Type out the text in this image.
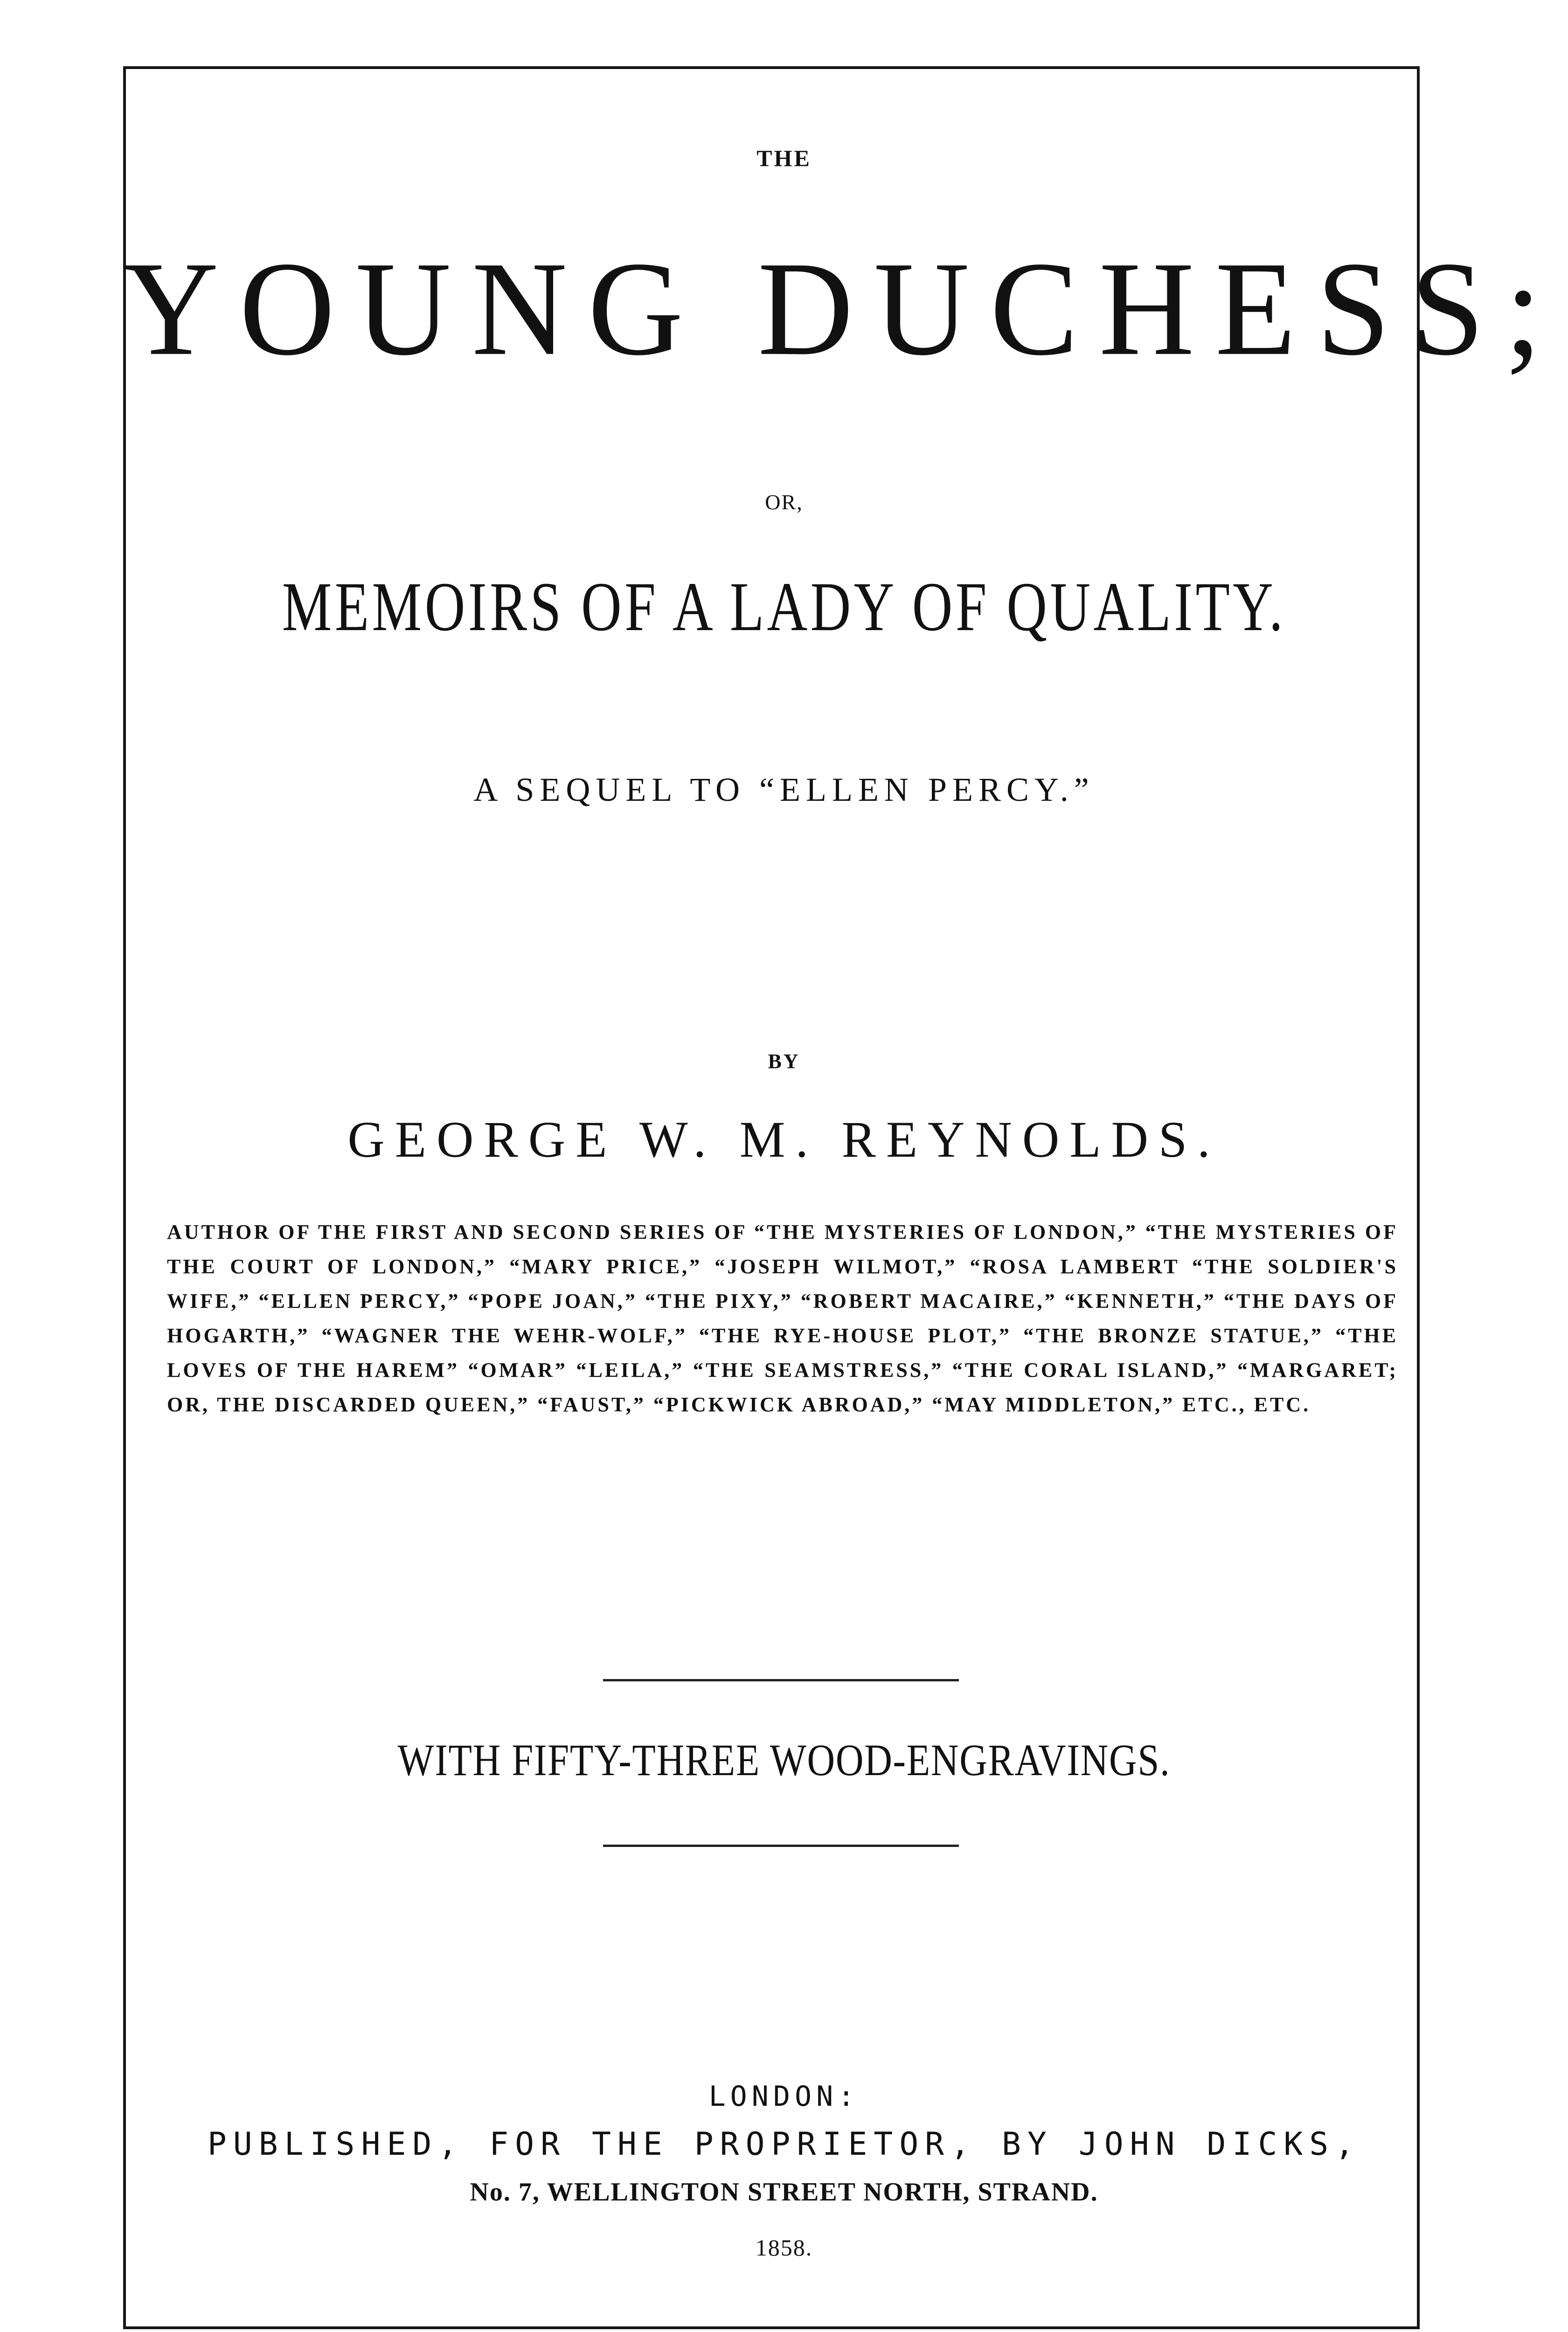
THE
YOUNG DUCHESS;
OR,
MEMOIRS OF A LADY OF QUALITY.
A SEQUEL TO “ELLEN PERCY.”
BY
GEORGE W. M. REYNOLDS.
AUTHOR OF THE FIRST AND SECOND SERIES OF “THE MYSTERIES OF LONDON,” “THE MYSTERIES OF THE COURT OF LONDON,” “MARY PRICE,” “JOSEPH WILMOT,” “ROSA LAMBERT “THE SOLDIER'S WIFE,” “ELLEN PERCY,” “POPE JOAN,” “THE PIXY,” “ROBERT MACAIRE,” “KENNETH,” “THE DAYS OF HOGARTH,” “WAGNER THE WEHR-WOLF,” “THE RYE-HOUSE PLOT,” “THE BRONZE STATUE,” “THE LOVES OF THE HAREM” “OMAR” “LEILA,” “THE SEAMSTRESS,” “THE CORAL ISLAND,” “MARGARET; OR, THE DISCARDED QUEEN,” “FAUST,” “PICKWICK ABROAD,” “MAY MIDDLETON,” ETC., ETC.
WITH FIFTY-THREE WOOD-ENGRAVINGS.
LONDON:
PUBLISHED, FOR THE PROPRIETOR, BY JOHN DICKS,
No. 7, WELLINGTON STREET NORTH, STRAND.
1858.
